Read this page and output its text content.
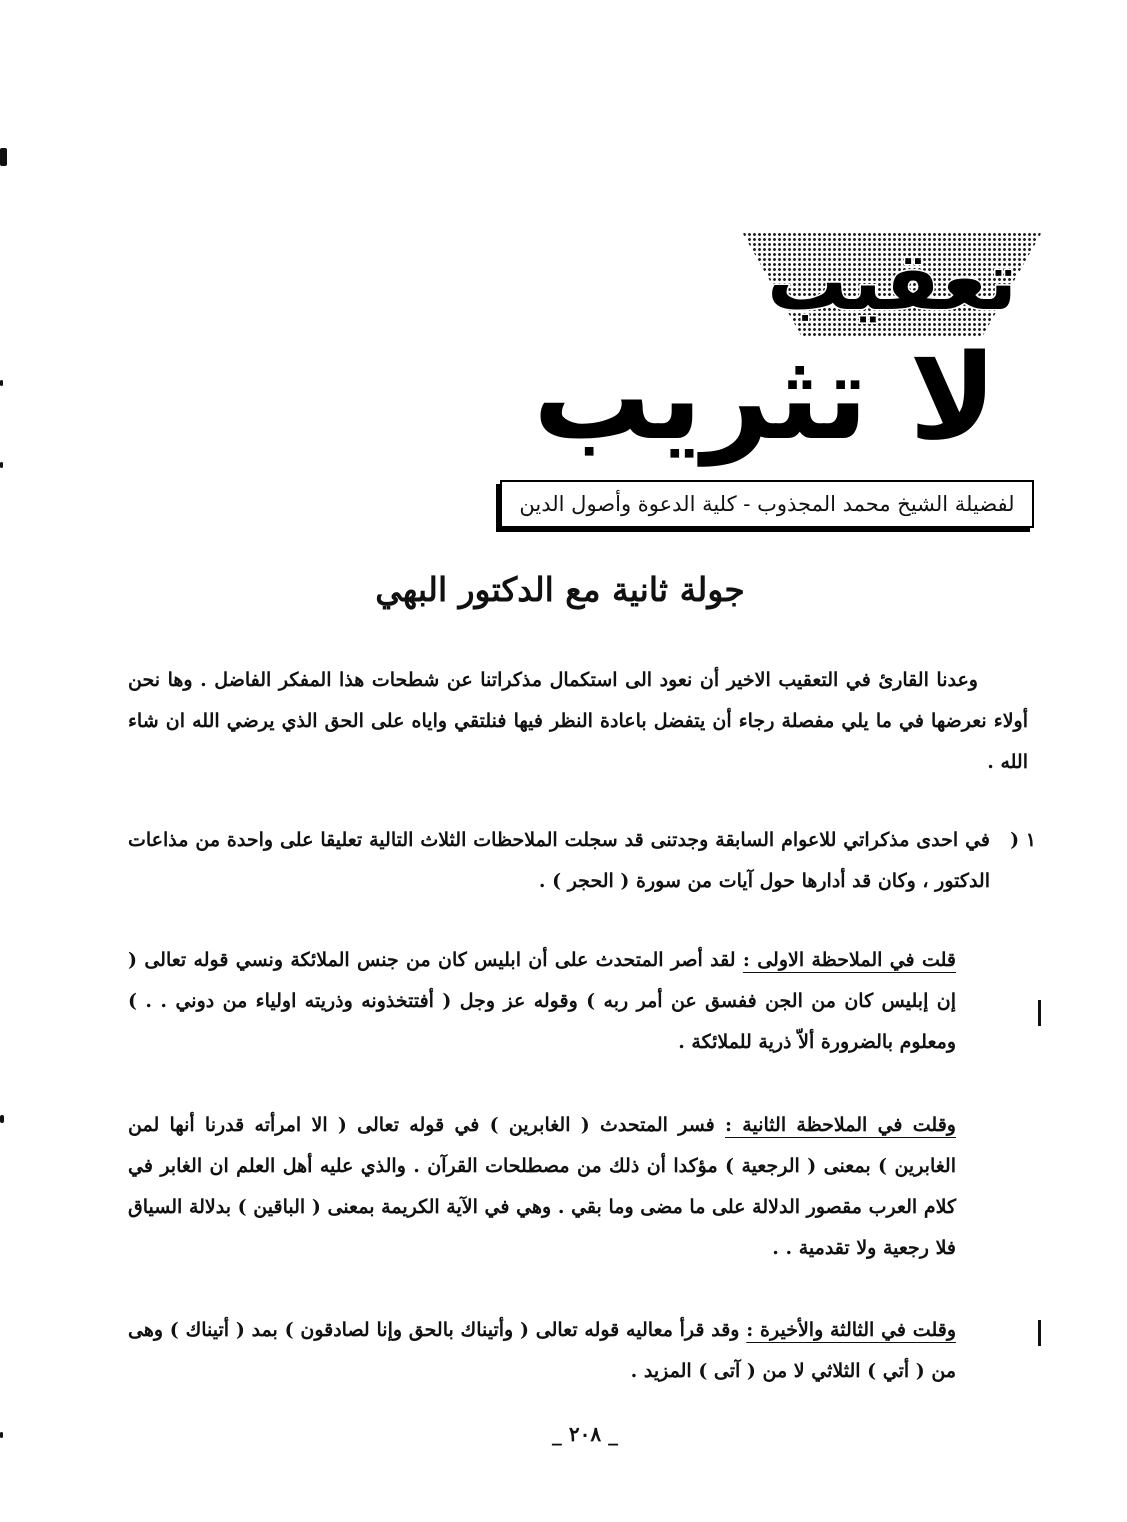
تعقيب
لا تثريب
لفضيلة الشيخ محمد المجذوب - كلية الدعوة وأصول الدين
جولة ثانية مع الدكتور البهي

وعدنا القارئ في التعقيب الاخير أن نعود الى استكمال مذكراتنا عن شطحات هذا المفكر الفاضل . وها نحن أولاء نعرضها في ما يلي مفصلة رجاء أن يتفضل باعادة النظر فيها فنلتقي واياه على الحق الذي يرضي الله ان شاء الله .

١ (

في احدى مذكراتي للاعوام السابقة وجدتنى قد سجلت الملاحظات الثلاث التالية تعليقا على واحدة من مذاعات الدكتور ، وكان قد أدارها حول آيات من سورة ( الحجر ) .

قلت في الملاحظة الاولى : لقد أصر المتحدث على أن ابليس كان من جنس الملائكة ونسي قوله تعالى ( إن إبليس كان من الجن ففسق عن أمر ربه ) وقوله عز وجل ( أفتتخذونه وذريته اولياء من دوني . . ) ومعلوم بالضرورة ألاّ ذرية للملائكة .

وقلت في الملاحظة الثانية : فسر المتحدث ( الغابرين ) في قوله تعالى ( الا امرأته قدرنا أنها لمن الغابرين ) بمعنى ( الرجعية ) مؤكدا أن ذلك من مصطلحات القرآن . والذي عليه أهل العلم ان الغابر في كلام العرب مقصور الدلالة على ما مضى وما بقي . وهي في الآية الكريمة بمعنى ( الباقين ) بدلالة السياق فلا رجعية ولا تقدمية . .

وقلت في الثالثة والأخيرة : وقد قرأ معاليه قوله تعالى ( وأتيناك بالحق وإنا لصادقون ) بمد ( أتيناك ) وهى من ( أتي ) الثلاثي لا من ( آتى ) المزيد .

_ ٢٠٨ _
